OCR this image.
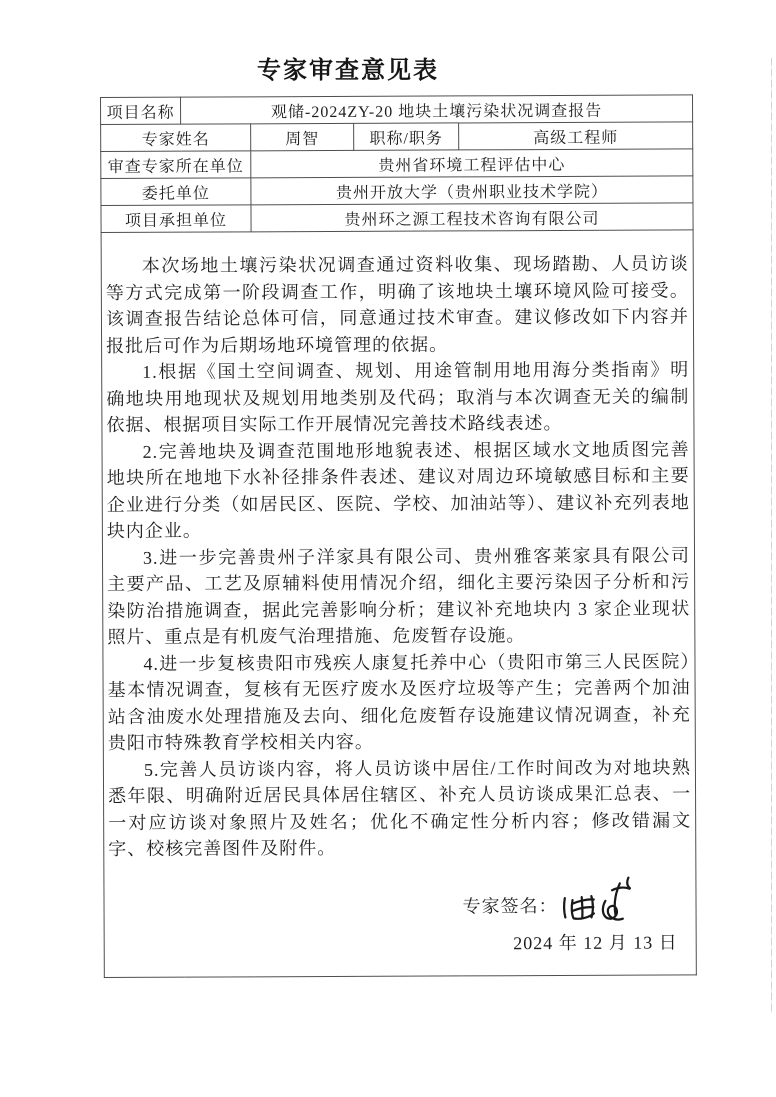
专家审查意见表
项目名称	观储-2024ZY-20 地块土壤污染状况调查报告			
专家姓名		周智	职称/职务	高级工程师
审查专家所在单位		贵州省环境工程评估中心		
委托单位		贵州开放大学（贵州职业技术学院）		
项目承担单位		贵州环之源工程技术咨询有限公司		

本次场地土壤污染状况调查通过资料收集、现场踏勘、人员访谈等方式完成第一阶段调查工作，明确了该地块土壤环境风险可接受。该调查报告结论总体可信，同意通过技术审查。建议修改如下内容并报批后可作为后期场地环境管理的依据。

1.根据《国土空间调查、规划、用途管制用地用海分类指南》明确地块用地现状及规划用地类别及代码；取消与本次调查无关的编制依据、根据项目实际工作开展情况完善技术路线表述。

2.完善地块及调查范围地形地貌表述、根据区域水文地质图完善地块所在地地下水补径排条件表述、建议对周边环境敏感目标和主要企业进行分类（如居民区、医院、学校、加油站等）、建议补充列表地块内企业。

3.进一步完善贵州子洋家具有限公司、贵州雅客莱家具有限公司主要产品、工艺及原辅料使用情况介绍，细化主要污染因子分析和污染防治措施调查，据此完善影响分析；建议补充地块内 3 家企业现状照片、重点是有机废气治理措施、危废暂存设施。

4.进一步复核贵阳市残疾人康复托养中心（贵阳市第三人民医院）基本情况调查，复核有无医疗废水及医疗垃圾等产生；完善两个加油站含油废水处理措施及去向、细化危废暂存设施建议情况调查，补充贵阳市特殊教育学校相关内容。

5.完善人员访谈内容，将人员访谈中居住/工作时间改为对地块熟悉年限、明确附近居民具体居住辖区、补充人员访谈成果汇总表、一一对应访谈对象照片及姓名；优化不确定性分析内容；修改错漏文字、校核完善图件及附件。

专家签名：
2024 年 12 月 13 日
